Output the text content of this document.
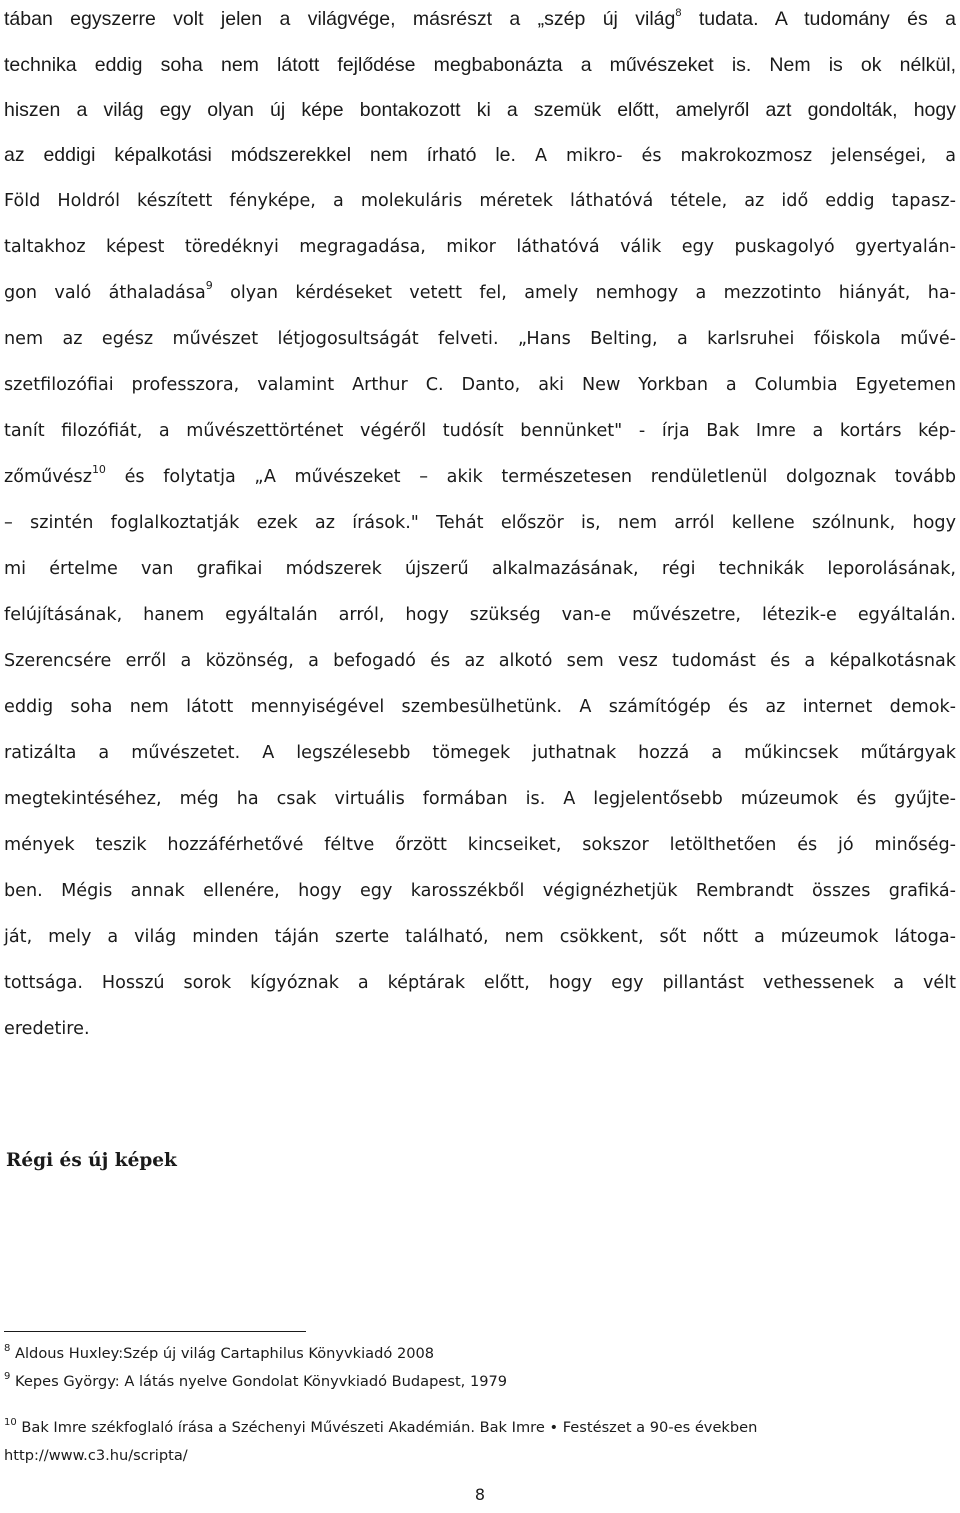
tában egyszerre volt jelen a világvége, másrészt a „szép új világ$^8$ tudata. A tudomány és a
technika eddig soha nem látott fejlődése megbabonázta a művészeket is. Nem is ok nélkül,
hiszen a világ egy olyan új képe bontakozott ki a szemük előtt, amelyről azt gondolták, hogy
az eddigi képalkotási módszerekkel nem írható le. A mikro- és makrokozmosz jelenségei, a
Föld Holdról készített fényképe, a molekuláris méretek láthatóvá tétele, az idő eddig tapasz-
taltakhoz képest töredéknyi megragadása, mikor láthatóvá válik egy puskagolyó gyertyalán-
gon való áthaladása$^9$ olyan kérdéseket vetett fel, amely nemhogy a mezzotinto hiányát, ha-
nem az egész művészet létjogosultságát felveti. „Hans Belting, a karlsruhei főiskola művé-
szetfilozófiai professzora, valamint Arthur C. Danto, aki New Yorkban a Columbia Egyetemen
tanít filozófiát, a művészettörténet végéről tudósít bennünket" - írja Bak Imre a kortárs kép-
zőművész$^{10}$ és folytatja „A művészeket – akik természetesen rendületlenül dolgoznak tovább
– szintén foglalkoztatják ezek az írások." Tehát először is, nem arról kellene szólnunk, hogy
mi értelme van grafikai módszerek újszerű alkalmazásának, régi technikák leporolásának,
felújításának, hanem egyáltalán arról, hogy szükség van-e művészetre, létezik-e egyáltalán.
Szerencsére erről a közönség, a befogadó és az alkotó sem vesz tudomást és a képalkotásnak
eddig soha nem látott mennyiségével szembesülhetünk. A számítógép és az internet demok-
ratizálta a művészetet. A legszélesebb tömegek juthatnak hozzá a műkincsek műtárgyak
megtekintéséhez, még ha csak virtuális formában is. A legjelentősebb múzeumok és gyűjte-
mények teszik hozzáférhetővé féltve őrzött kincseiket, sokszor letölthetően és jó minőség-
ben. Mégis annak ellenére, hogy egy karosszékből végignézhetjük Rembrandt összes grafiká-
ját, mely a világ minden táján szerte található, nem csökkent, sőt nőtt a múzeumok látoga-
tottsága. Hosszú sorok kígyóznak a képtárak előtt, hogy egy pillantást vethessenek a vélt
eredetire.
Régi és új képek
$^8$ Aldous Huxley:Szép új világ Cartaphilus Könyvkiadó 2008
$^9$ Kepes György: A látás nyelve Gondolat Könyvkiadó Budapest, 1979
$^{10}$ Bak Imre székfoglaló írása a Széchenyi Művészeti Akadémián. Bak Imre • Festészet a 90-es években
http://www.c3.hu/scripta/
8
